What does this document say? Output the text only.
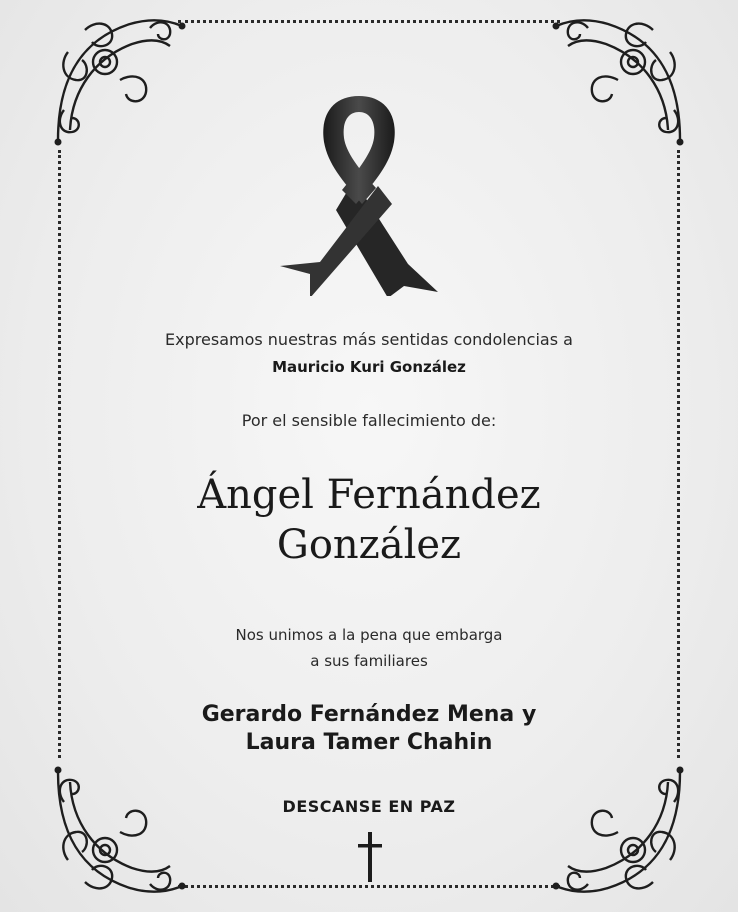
Expresamos nuestras más sentidas condolencias a
Mauricio Kuri González
Por el sensible fallecimiento de:
Ángel Fernández
González
Nos unimos a la pena que embarga
a sus familiares
Gerardo Fernández Mena y
Laura Tamer Chahin
DESCANSE EN PAZ
